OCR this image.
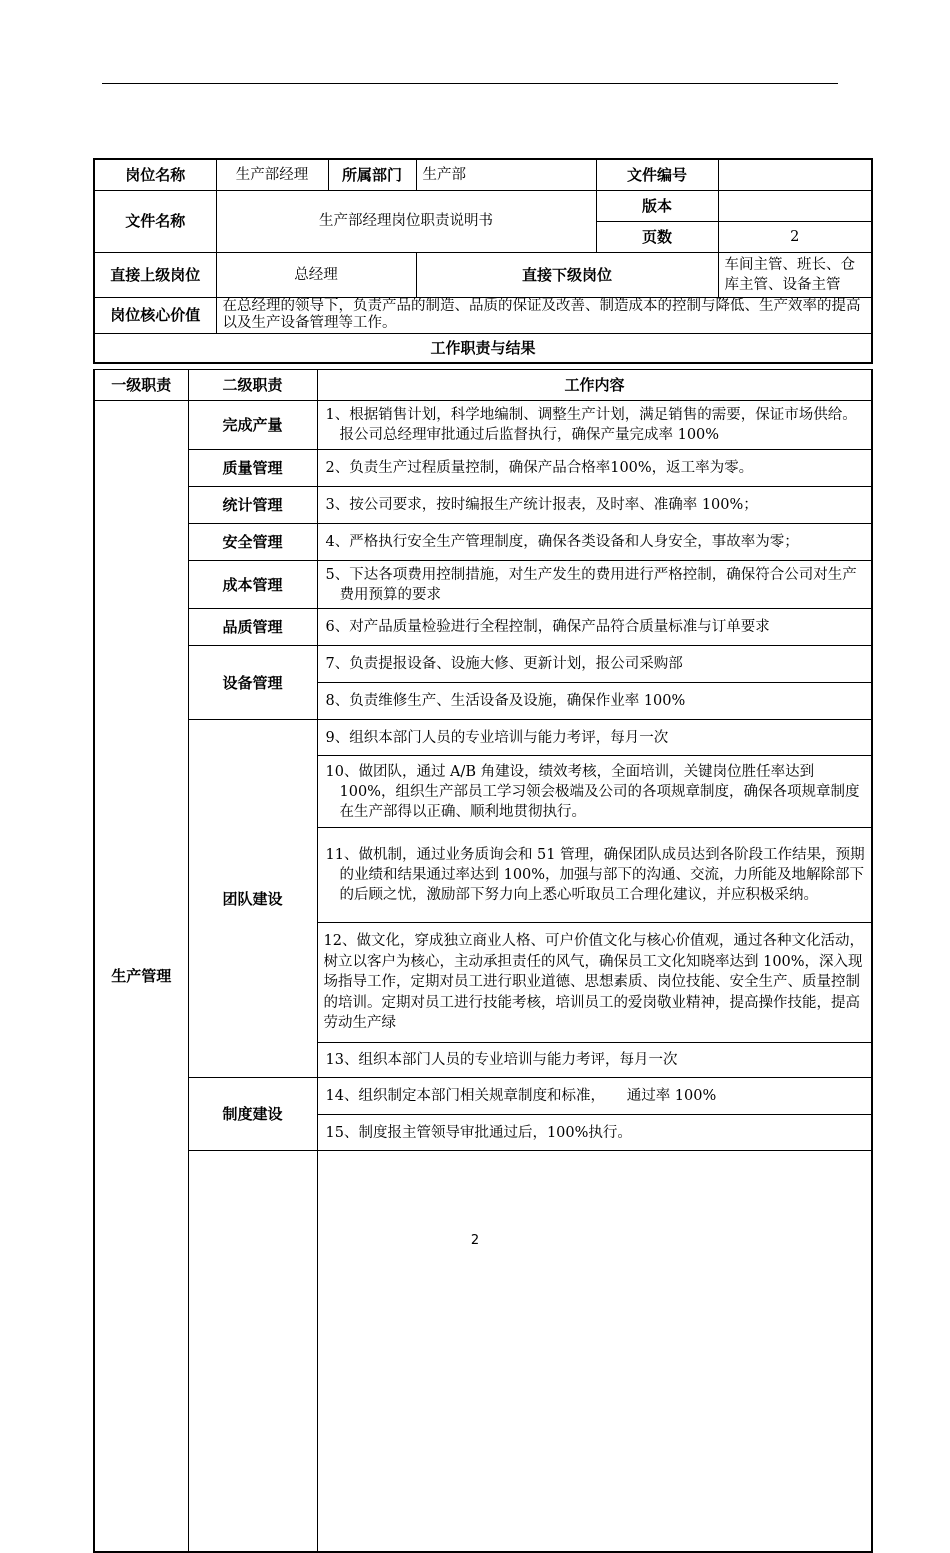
岗位名称	生产部经理	所属部门	生产部	文件编号	
文件名称	生产部经理岗位职责说明书			版本	
				页数	2
直接上级岗位	总经理		直接下级岗位		车间主管、班长、仓库主管、设备主管
岗位核心价值	在总经理的领导下，负责产品的制造、品质的保证及改善、制造成本的控制与降低、生产效率的提高以及生产设备管理等工作。				
工作职责与结果					
一级职责	二级职责	工作内容	
生产管理	完成产量	1、根据销售计划，科学地编制、调整生产计划，满足销售的需要，保证市场供给。报公司总经理审批通过后监督执行，确保产量完成率 100%	
	质量管理	2、负责生产过程质量控制，确保产品合格率100%，返工率为零。	
	统计管理	3、按公司要求，按时编报生产统计报表，及时率、准确率 100%；	
	安全管理	4、严格执行安全生产管理制度，确保各类设备和人身安全，事故率为零；	
	成本管理	5、下达各项费用控制措施，对生产发生的费用进行严格控制，确保符合公司对生产费用预算的要求	
	品质管理	6、对产品质量检验进行全程控制，确保产品符合质量标准与订单要求	
	设备管理	7、负责提报设备、设施大修、更新计划，报公司采购部	
		8、负责维修生产、生活设备及设施，确保作业率 100%	
	团队建设	9、组织本部门人员的专业培训与能力考评，每月一次	
		10、做团队，通过 A/B 角建设，绩效考核，全面培训，关键岗位胜任率达到 100%，组织生产部员工学习领会极端及公司的各项规章制度，确保各项规章制度在生产部得以正确、顺利地贯彻执行。	
		11、做机制，通过业务质询会和 51 管理，确保团队成员达到各阶段工作结果，预期的业绩和结果通过率达到 100%，加强与部下的沟通、交流，力所能及地解除部下的后顾之忧，激励部下努力向上悉心听取员工合理化建议，并应积极采纳。	
		12、做文化，穿成独立商业人格、可户价值文化与核心价值观，通过各种文化活动，树立以客户为核心，主动承担责任的风气，确保员工文化知晓率达到 100%，深入现场指导工作，定期对员工进行职业道德、思想素质、岗位技能、安全生产、质量控制的培训。定期对员工进行技能考核，培训员工的爱岗敬业精神，提高操作技能，提高劳动生产绿	
		13、组织本部门人员的专业培训与能力考评，每月一次	
	制度建设	14、组织制定本部门相关规章制度和标准，　　通过率 100%	
		15、制度报主管领导审批通过后，100%执行。	

2
